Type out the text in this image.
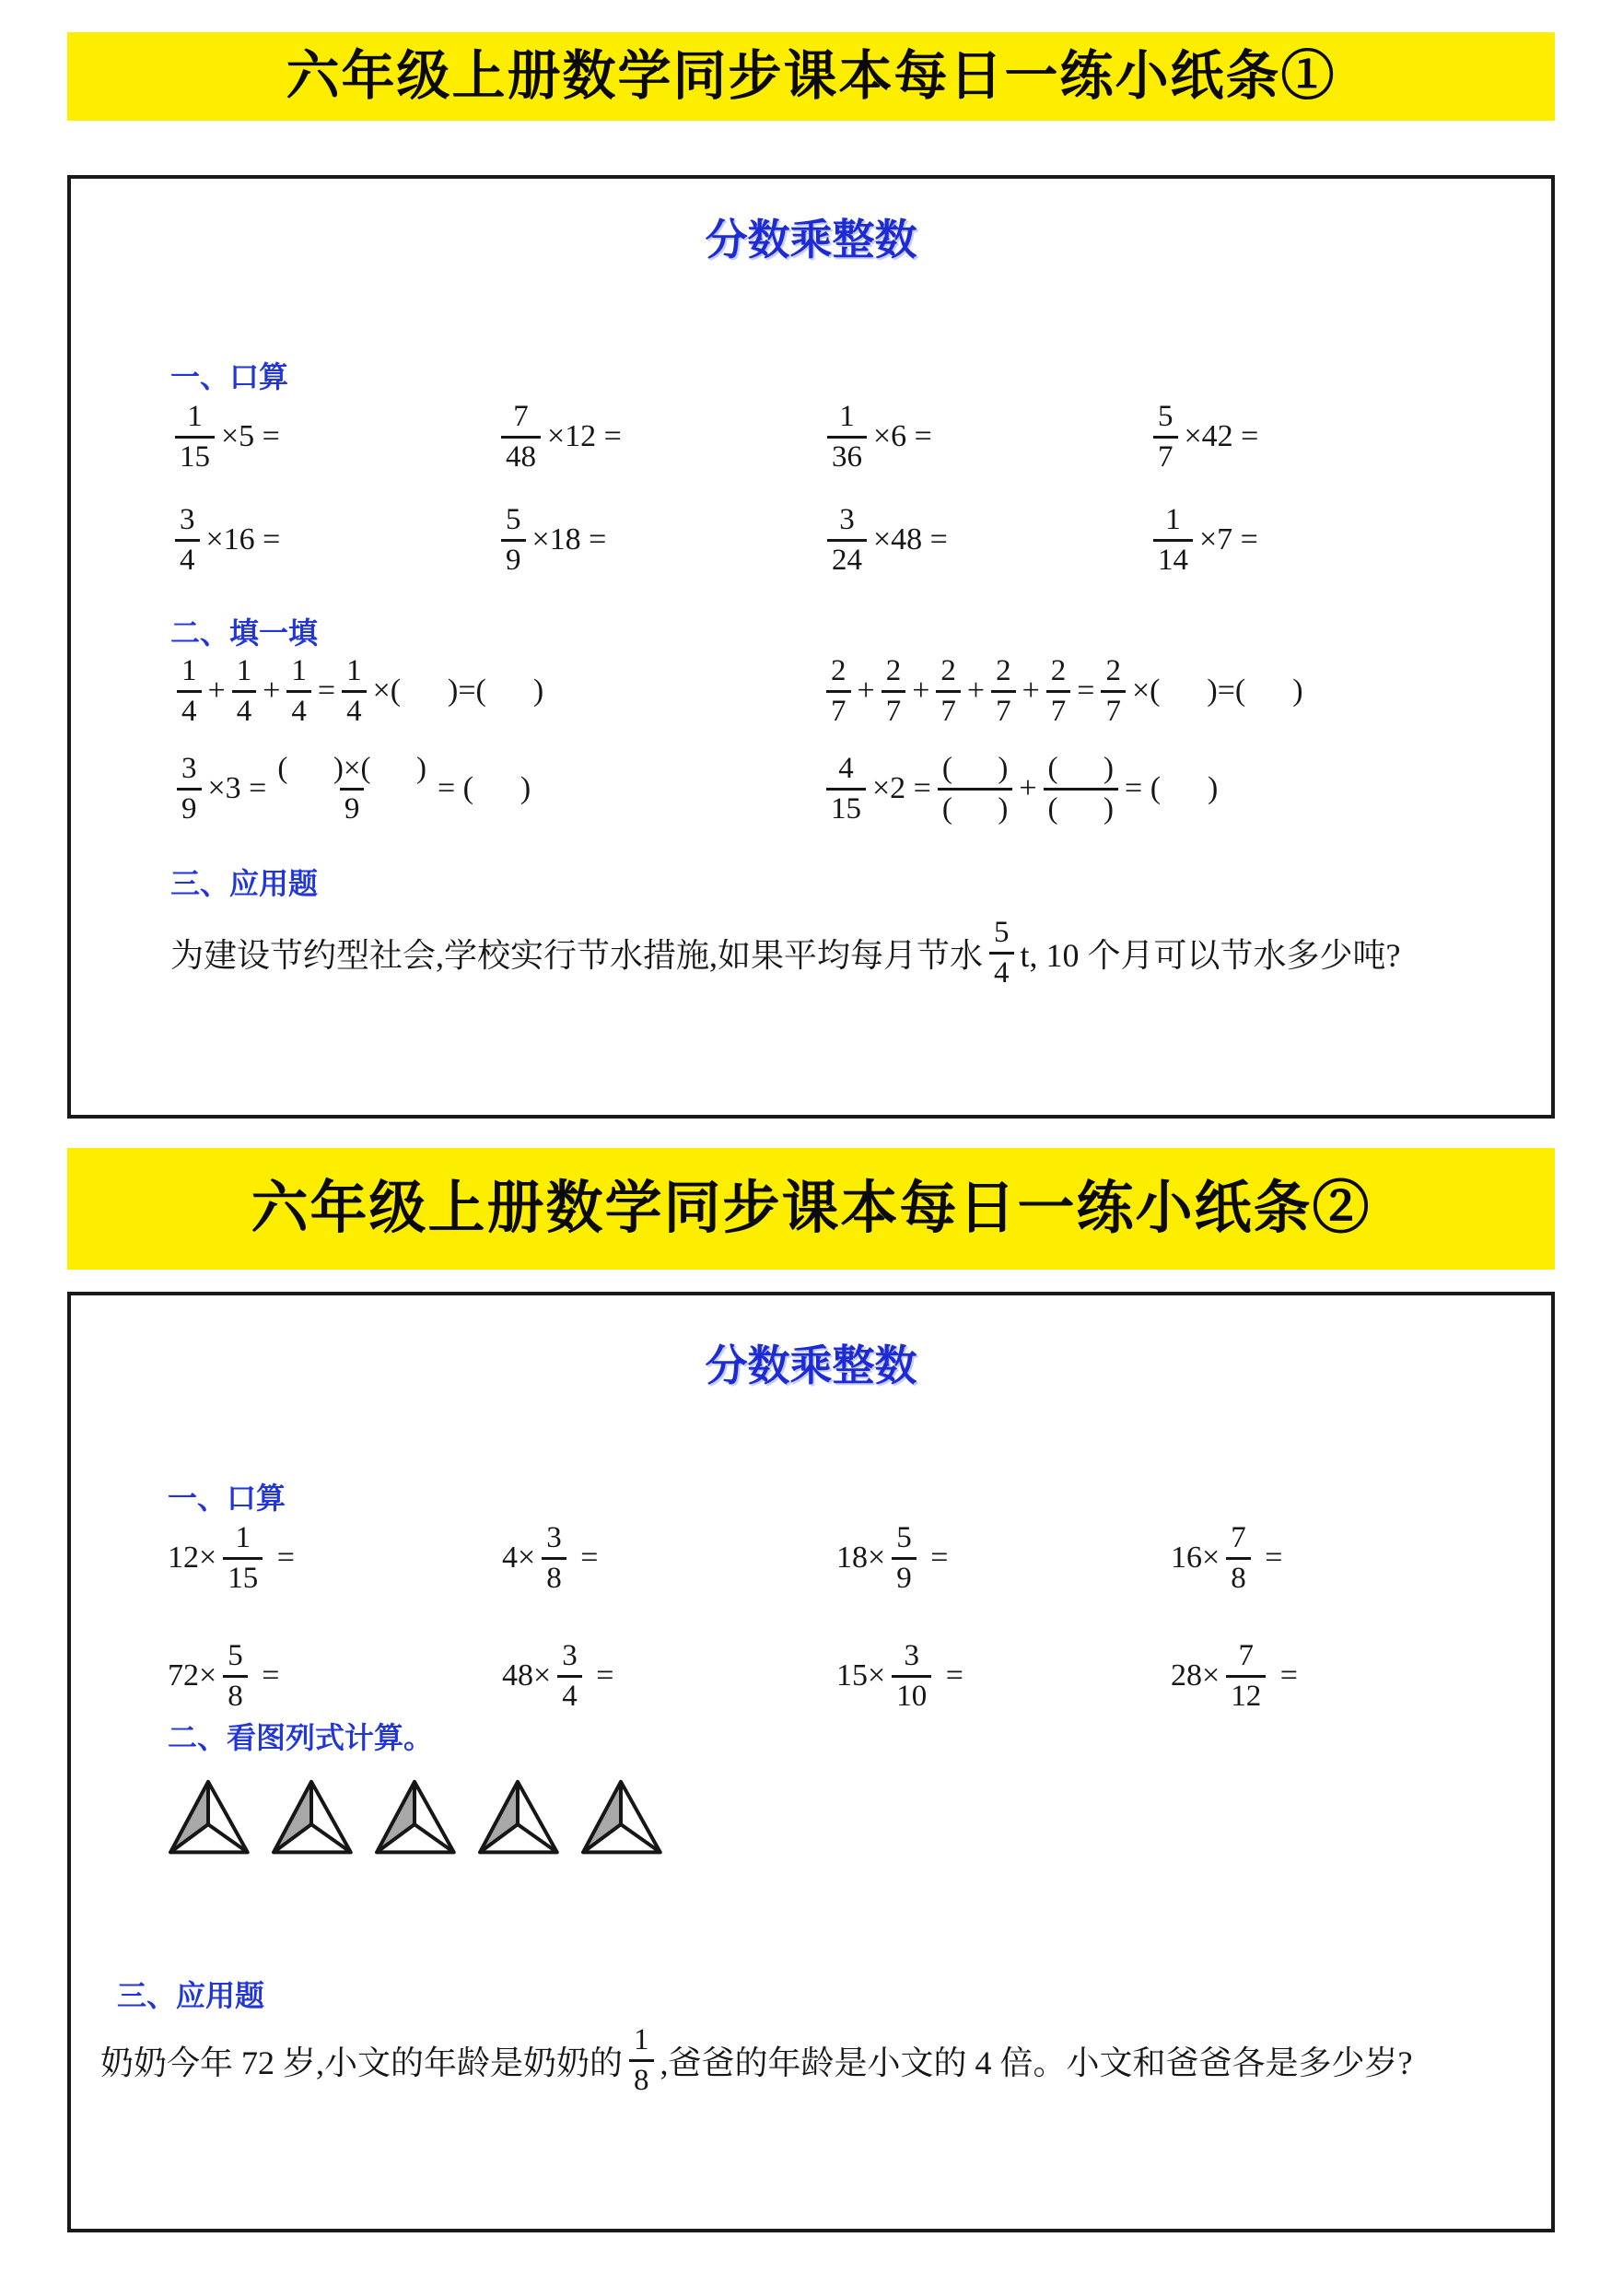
六年级上册数学同步课本每日一练小纸条①
分数乘整数
一、口算
$\frac{1}{15} \times 5$ =	$\frac{7}{48} \times 12$ =	$\frac{1}{36} \times 6$ =	$\frac{5}{7} \times 42$ =
$\frac{3}{4} \times 16$ =	$\frac{5}{9} \times 18$ =	$\frac{3}{24} \times 48$ =	$\frac{1}{14} \times 7$ =
二、填一填
$\frac{1}{4} + \frac{1}{4} + \frac{1}{4} = \frac{1}{4}$ ×(      )=(      )	$\frac{2}{7} + \frac{2}{7} + \frac{2}{7} + \frac{2}{7} + \frac{2}{7} = \frac{2}{7}$ ×(      )=(      )
$\frac{3}{9} \times 3 = \frac{( )\times( )}{9}$ = (      )	$\frac{4}{15} \times 2 = \frac{( )}{( )} + \frac{( )}{( )}$ = (      )
三、应用题
为建设节约型社会,学校实行节水措施,如果平均每月节水 $\frac{5}{4} t$, 10 个月可以节水多少吨?
六年级上册数学同步课本每日一练小纸条②
分数乘整数
一、口算
$12\times \frac{1}{15}$ =	$4\times \frac{3}{8}$ =	$18\times \frac{5}{9}$ =	$16\times \frac{7}{8}$ =
$72\times \frac{5}{8}$ =	$48\times \frac{3}{4}$ =	$15\times \frac{3}{10}$ =	$28\times \frac{7}{12}$ =
二、看图列式计算。
三、应用题
奶奶今年 72 岁,小文的年龄是奶奶的 $\frac{1}{8}$ ,爸爸的年龄是小文的 4 倍。小文和爸爸各是多少岁?
